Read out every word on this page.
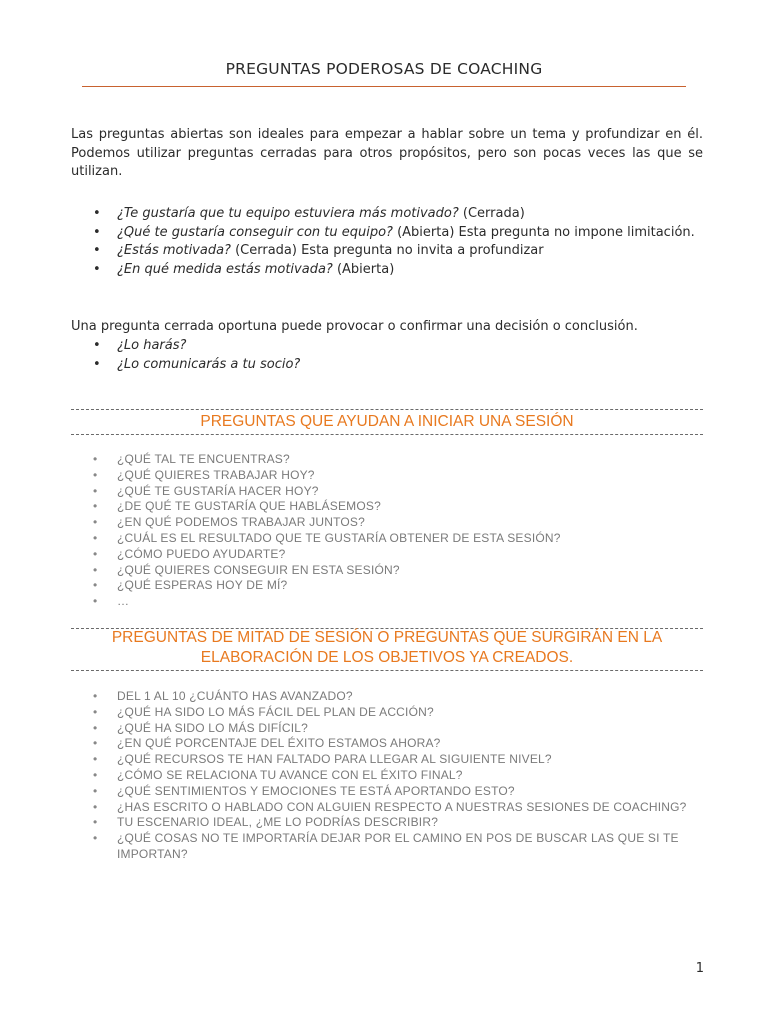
PREGUNTAS PODEROSAS DE COACHING
Las preguntas abiertas son ideales para empezar a hablar sobre un tema y profundizar en él. Podemos utilizar preguntas cerradas para otros propósitos, pero son pocas veces las que se utilizan.
• ¿Te gustaría que tu equipo estuviera más motivado? (Cerrada)
• ¿Qué te gustaría conseguir con tu equipo? (Abierta) Esta pregunta no impone limitación.
• ¿Estás motivada? (Cerrada) Esta pregunta no invita a profundizar
• ¿En qué medida estás motivada? (Abierta)
Una pregunta cerrada oportuna puede provocar o confirmar una decisión o conclusión.
• ¿Lo harás?
• ¿Lo comunicarás a tu socio?
PREGUNTAS QUE AYUDAN A INICIAR UNA SESIÓN
• ¿QUÉ TAL TE ENCUENTRAS?
• ¿QUÉ QUIERES TRABAJAR HOY?
• ¿QUÉ TE GUSTARÍA HACER HOY?
• ¿DE QUÉ TE GUSTARÍA QUE HABLÁSEMOS?
• ¿EN QUÉ PODEMOS TRABAJAR JUNTOS?
• ¿CUÁL ES EL RESULTADO QUE TE GUSTARÍA OBTENER DE ESTA SESIÓN?
• ¿CÓMO PUEDO AYUDARTE?
• ¿QUÉ QUIERES CONSEGUIR EN ESTA SESIÓN?
• ¿QUÉ ESPERAS HOY DE MÍ?
• …
PREGUNTAS DE MITAD DE SESIÓN O PREGUNTAS QUE SURGIRÁN EN LA ELABORACIÓN DE LOS OBJETIVOS YA CREADOS.
• DEL 1 AL 10 ¿CUÁNTO HAS AVANZADO?
• ¿QUÉ HA SIDO LO MÁS FÁCIL DEL PLAN DE ACCIÓN?
• ¿QUÉ HA SIDO LO MÁS DIFÍCIL?
• ¿EN QUÉ PORCENTAJE DEL ÉXITO ESTAMOS AHORA?
• ¿QUÉ RECURSOS TE HAN FALTADO PARA LLEGAR AL SIGUIENTE NIVEL?
• ¿CÓMO SE RELACIONA TU AVANCE CON EL ÉXITO FINAL?
• ¿QUÉ SENTIMIENTOS Y EMOCIONES TE ESTÁ APORTANDO ESTO?
• ¿HAS ESCRITO O HABLADO CON ALGUIEN RESPECTO A NUESTRAS SESIONES DE COACHING?
• TU ESCENARIO IDEAL, ¿ME LO PODRÍAS DESCRIBIR?
• ¿QUÉ COSAS NO TE IMPORTARÍA DEJAR POR EL CAMINO EN POS DE BUSCAR LAS QUE SI TE IMPORTAN?
1
